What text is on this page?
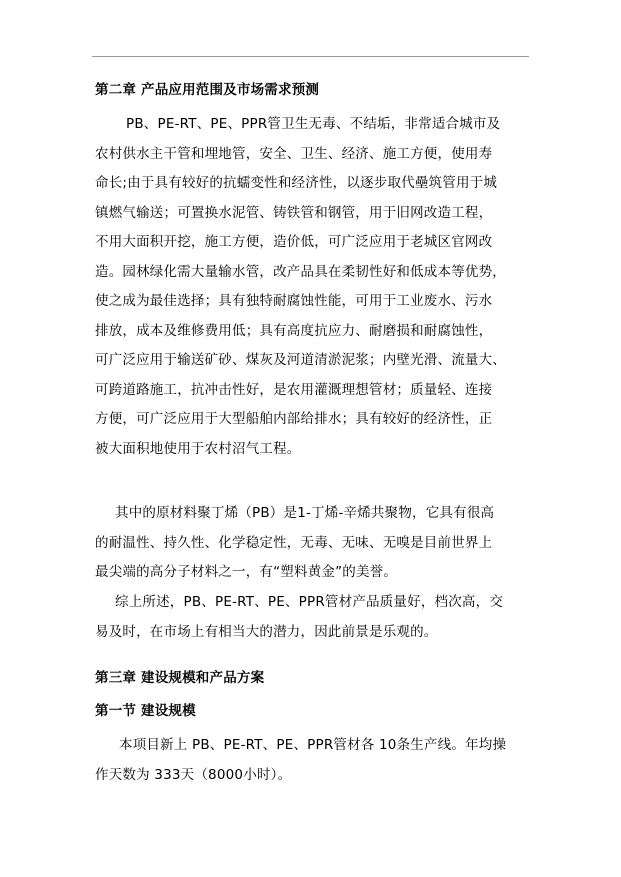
第二章 产品应用范围及市场需求预测
PB、PE-RT、PE、PPR管卫生无毒、不结垢，非常适合城市及
农村供水主干管和埋地管，安全、卫生、经济、施工方便，使用寿
命长;由于具有较好的抗蠕变性和经济性，以逐步取代壘筑管用于城
镇燃气输送；可置换水泥管、铸铁管和钢管，用于旧网改造工程，
不用大面积开挖，施工方便，造价低，可广泛应用于老城区官网改
造。园林绿化需大量输水管，改产品具在柔韧性好和低成本等优势，
使之成为最佳选择；具有独特耐腐蚀性能，可用于工业废水、污水
排放，成本及维修费用低；具有高度抗应力、耐磨损和耐腐蚀性，
可广泛应用于输送矿砂、煤灰及河道清淤泥浆；内壁光滑、流量大、
可跨道路施工，抗冲击性好，是农用灌溉理想管材；质量轻、连接
方便，可广泛应用于大型船舶内部给排水；具有较好的经济性，正
被大面积地使用于农村沼气工程。
其中的原材料聚丁烯（PB）是1-丁烯-辛烯共聚物，它具有很高
的耐温性、持久性、化学稳定性，无毒、无味、无嗅是目前世界上
最尖端的高分子材料之一，有“塑料黄金”的美誉。
综上所述，PB、PE-RT、PE、PPR管材产品质量好，档次高，交
易及时，在市场上有相当大的潜力，因此前景是乐观的。
第三章 建设规模和产品方案
第一节 建设规模
本项目新上 PB、PE-RT、PE、PPR管材各 10条生产线。年均操
作天数为 333天（8000小时）。
